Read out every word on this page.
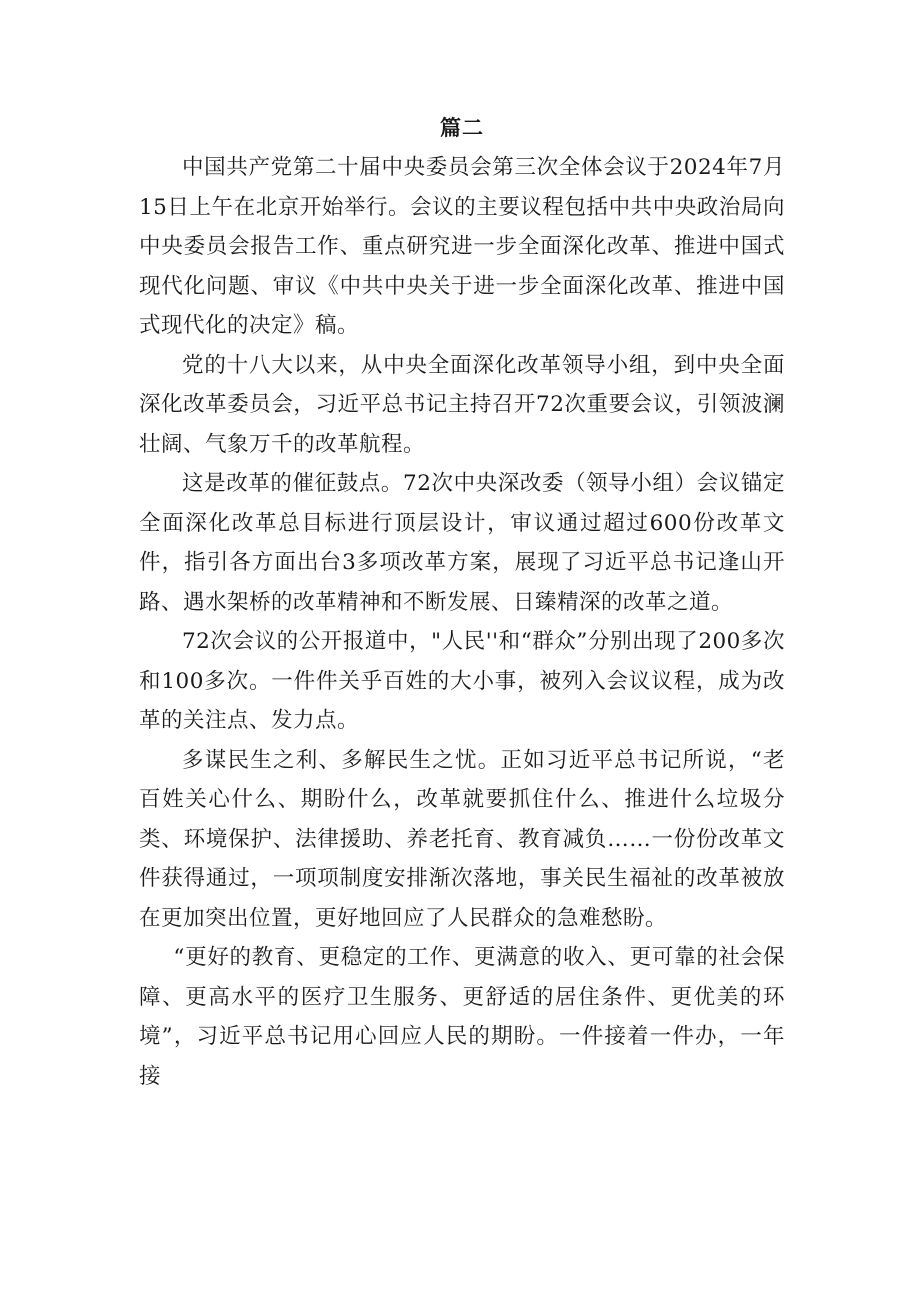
篇二

中国共产党第二十届中央委员会第三次全体会议于2024年7月15日上午在北京开始举行。会议的主要议程包括中共中央政治局向中央委员会报告工作、重点研究进一步全面深化改革、推进中国式现代化问题、审议《中共中央关于进一步全面深化改革、推进中国式现代化的决定》稿。

党的十八大以来，从中央全面深化改革领导小组，到中央全面深化改革委员会，习近平总书记主持召开72次重要会议，引领波澜壮阔、气象万千的改革航程。

这是改革的催征鼓点。72次中央深改委（领导小组）会议锚定全面深化改革总目标进行顶层设计，审议通过超过600份改革文件，指引各方面出台3多项改革方案，展现了习近平总书记逢山开路、遇水架桥的改革精神和不断发展、日臻精深的改革之道。

72次会议的公开报道中，"人民''和“群众”分别出现了200多次和100多次。一件件关乎百姓的大小事，被列入会议议程，成为改革的关注点、发力点。

多谋民生之利、多解民生之忧。正如习近平总书记所说，“老百姓关心什么、期盼什么，改革就要抓住什么、推进什么垃圾分类、环境保护、法律援助、养老托育、教育减负……一份份改革文件获得通过，一项项制度安排渐次落地，事关民生福祉的改革被放在更加突出位置，更好地回应了人民群众的急难愁盼。

“更好的教育、更稳定的工作、更满意的收入、更可靠的社会保障、更高水平的医疗卫生服务、更舒适的居住条件、更优美的环境”，习近平总书记用心回应人民的期盼。一件接着一件办，一年接
